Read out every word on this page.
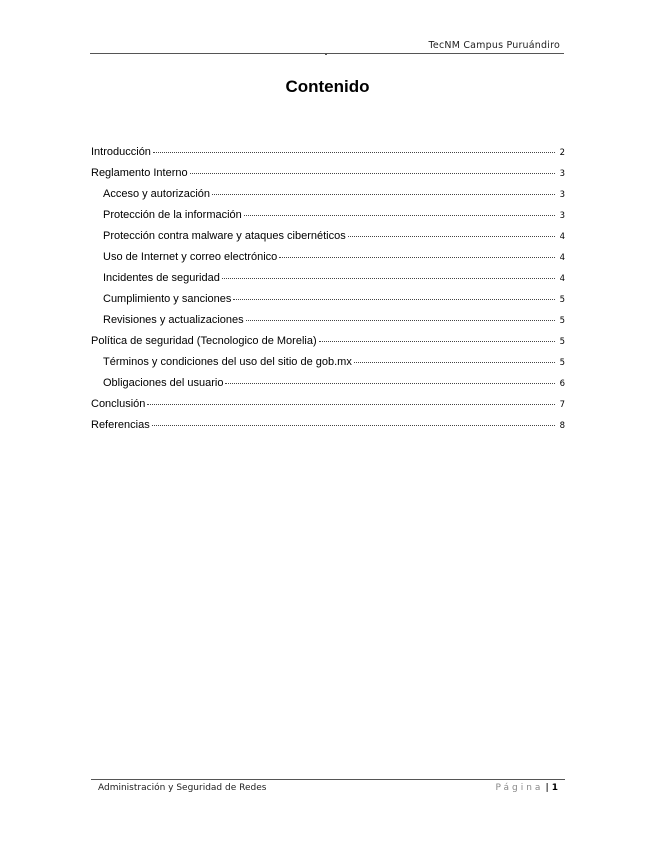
TecNM Campus Puruándiro
Contenido
Introducción	2
Reglamento Interno	3
Acceso y autorización	3
Protección de la información	3
Protección contra malware y ataques cibernéticos	4
Uso de Internet y correo electrónico	4
Incidentes de seguridad	4
Cumplimiento y sanciones	5
Revisiones y actualizaciones	5
Política de seguridad (Tecnologico de Morelia)	5
Términos y condiciones del uso del sitio de gob.mx	5
Obligaciones del usuario	6
Conclusión	7
Referencias	8
Administración y Seguridad de Redes	Página | 1
